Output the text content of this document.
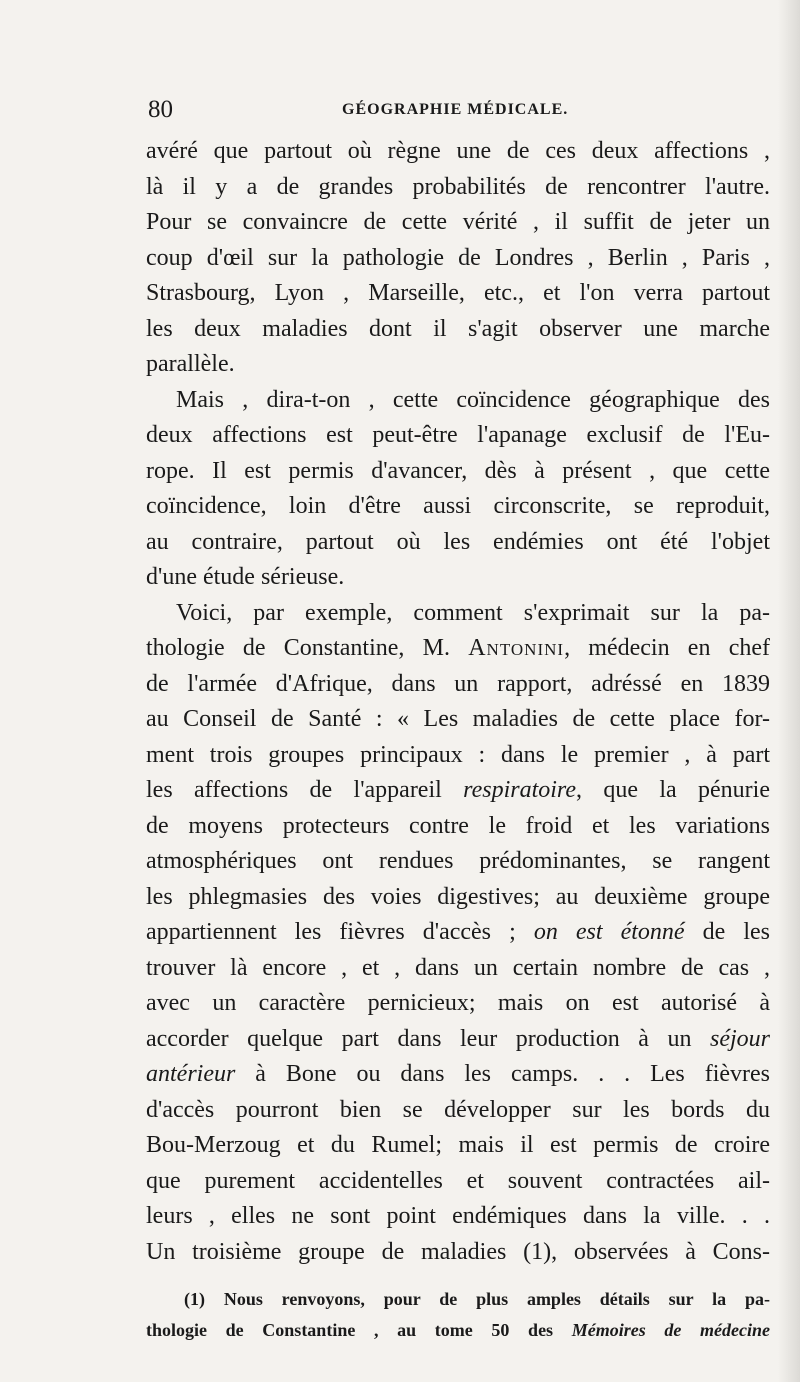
80	GÉOGRAPHIE MÉDICALE.
avéré que partout où règne une de ces deux affections ,
là il y a de grandes probabilités de rencontrer l'autre.
Pour se convaincre de cette vérité , il suffit de jeter un
coup d'œil sur la pathologie de Londres , Berlin , Paris ,
Strasbourg, Lyon , Marseille, etc., et l'on verra partout
les deux maladies dont il s'agit observer une marche
parallèle.
Mais , dira-t-on , cette coïncidence géographique des
deux affections est peut-être l'apanage exclusif de l'Eu-
rope. Il est permis d'avancer, dès à présent , que cette
coïncidence, loin d'être aussi circonscrite, se reproduit,
au contraire, partout où les endémies ont été l'objet
d'une étude sérieuse.
Voici, par exemple, comment s'exprimait sur la pa-
thologie de Constantine, M. Antonini, médecin en chef
de l'armée d'Afrique, dans un rapport, adréssé en 1839
au Conseil de Santé : « Les maladies de cette place for-
ment trois groupes principaux : dans le premier , à part
les affections de l'appareil respiratoire, que la pénurie
de moyens protecteurs contre le froid et les variations
atmosphériques ont rendues prédominantes, se rangent
les phlegmasies des voies digestives; au deuxième groupe
appartiennent les fièvres d'accès ; on est étonné de les
trouver là encore , et , dans un certain nombre de cas ,
avec un caractère pernicieux; mais on est autorisé à
accorder quelque part dans leur production à un séjour
antérieur à Bone ou dans les camps. . . Les fièvres
d'accès pourront bien se développer sur les bords du
Bou-Merzoug et du Rumel; mais il est permis de croire
que purement accidentelles et souvent contractées ail-
leurs , elles ne sont point endémiques dans la ville. . .
Un troisième groupe de maladies (1), observées à Cons-
(1) Nous renvoyons, pour de plus amples détails sur la pa-
thologie de Constantine , au tome 50 des Mémoires de médecine
